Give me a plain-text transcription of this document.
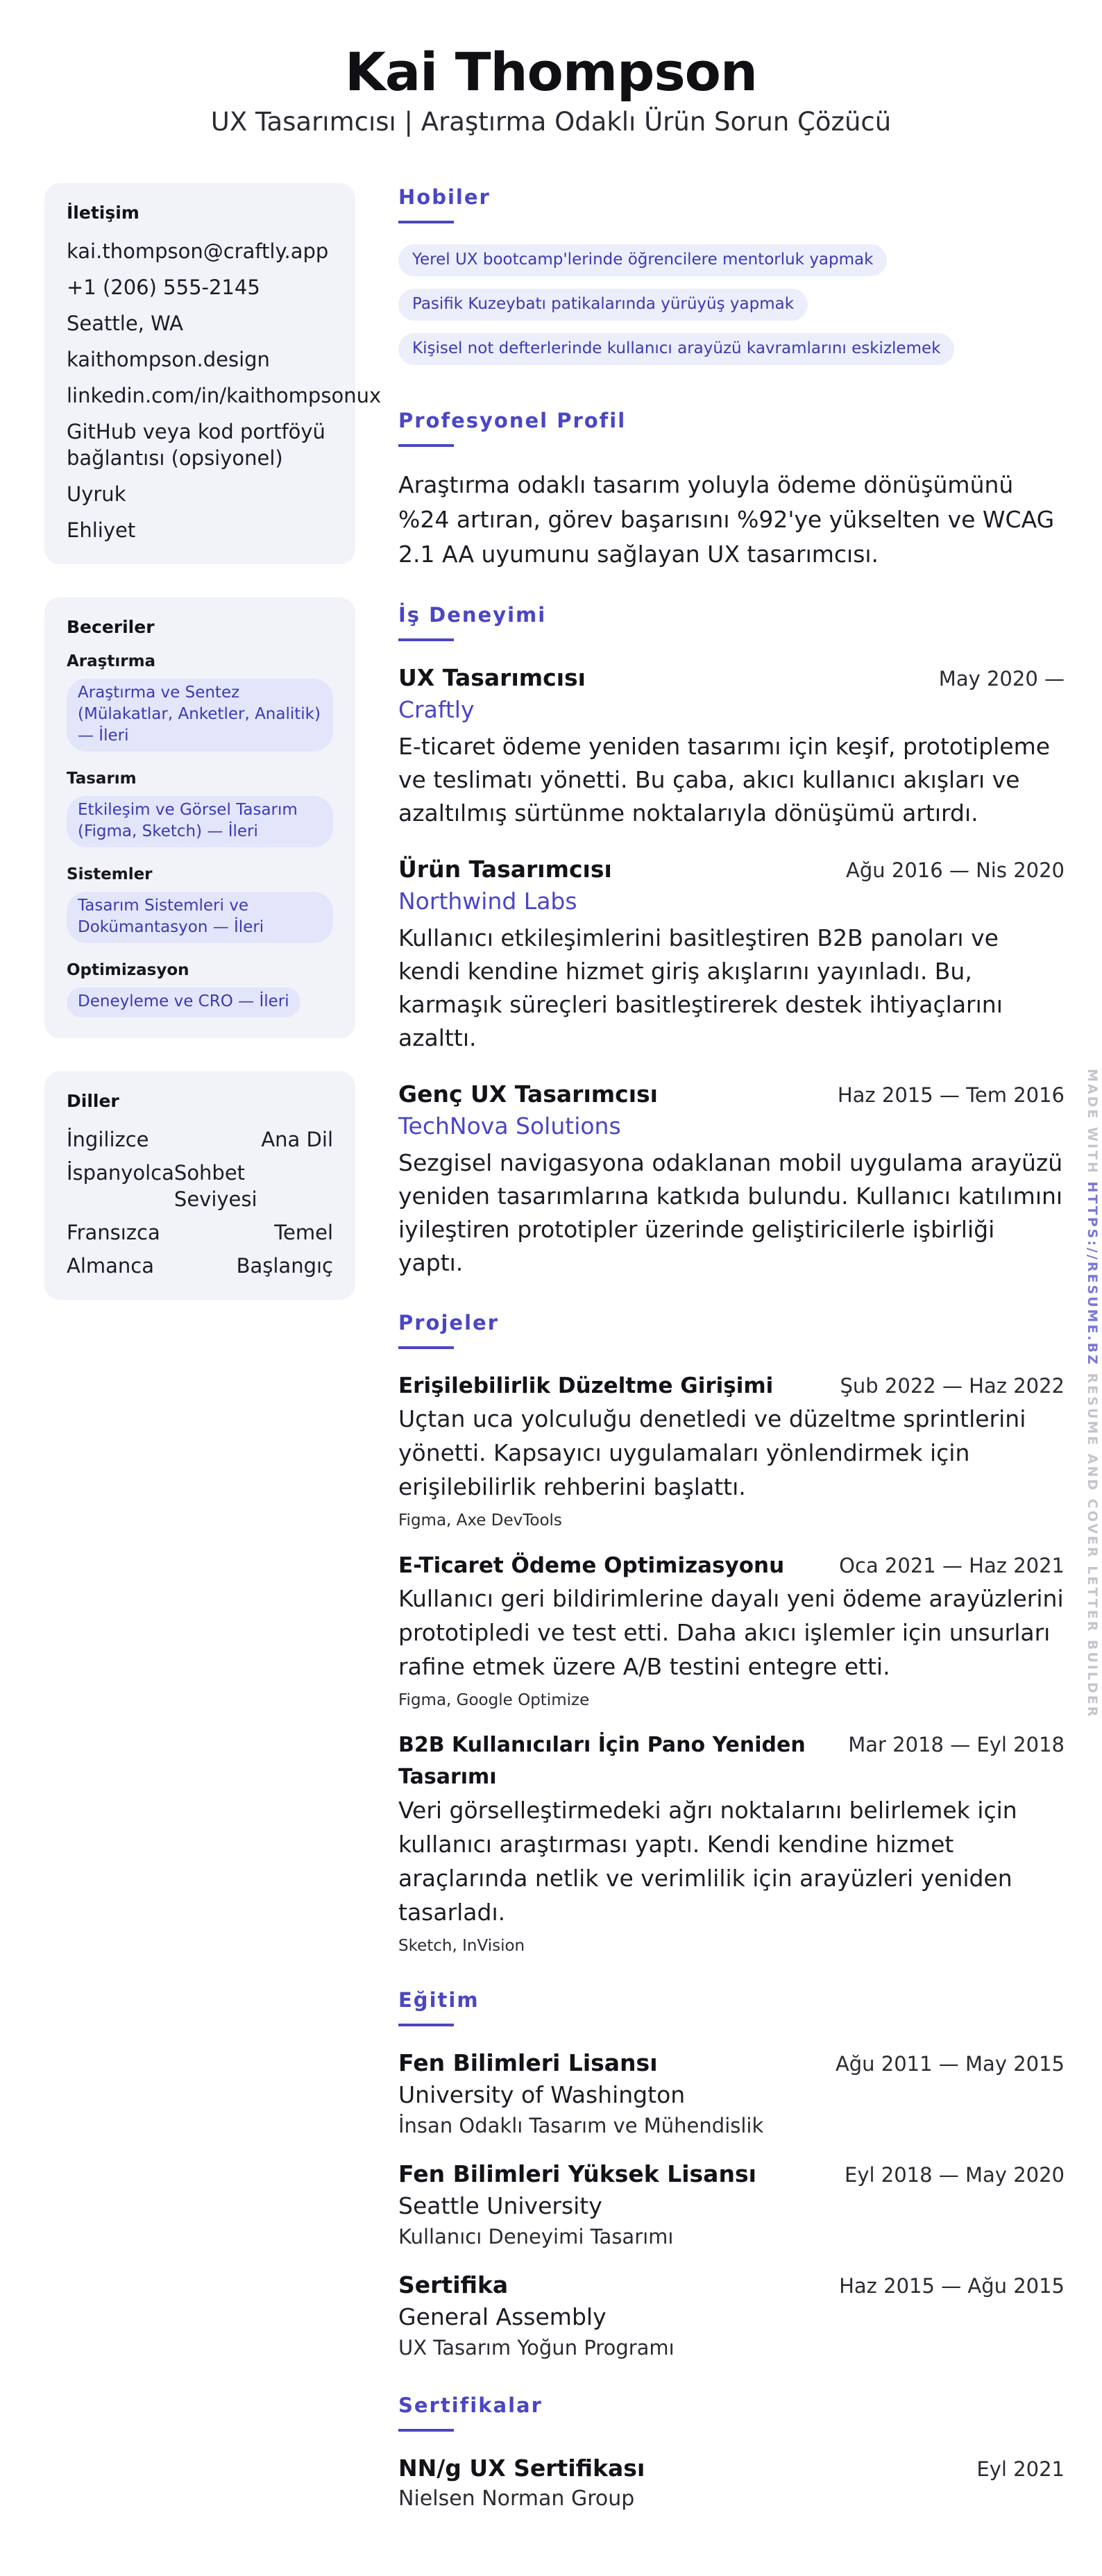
Kai Thompson
UX Tasarımcısı | Araştırma Odaklı Ürün Sorun Çözücü
İletişim
kai.thompson@craftly.app
+1 (206) 555-2145
Seattle, WA
kaithompson.design
linkedin.com/in/kaithompsonux
GitHub veya kod portföyü bağlantısı (opsiyonel)
Uyruk
Ehliyet
Beceriler
Araştırma
Araştırma ve Sentez (Mülakatlar, Anketler, Analitik) — İleri
Tasarım
Etkileşim ve Görsel Tasarım (Figma, Sketch) — İleri
Sistemler
Tasarım Sistemleri ve Dokümantasyon — İleri
Optimizasyon
Deneyleme ve CRO — İleri
Diller
İngilizce	Ana Dil
İspanyolca Sohbet Seviyesi
Fransızca	Temel
Almanca	Başlangıç
Hobiler
Yerel UX bootcamp'lerinde öğrencilere mentorluk yapmak
Pasifik Kuzeybatı patikalarında yürüyüş yapmak
Kişisel not defterlerinde kullanıcı arayüzü kavramlarını eskizlemek
Profesyonel Profil
Araştırma odaklı tasarım yoluyla ödeme dönüşümünü %24 artıran, görev başarısını %92'ye yükselten ve WCAG 2.1 AA uyumunu sağlayan UX tasarımcısı.
İş Deneyimi
UX Tasarımcısı	May 2020 —
Craftly
E-ticaret ödeme yeniden tasarımı için keşif, prototipleme ve teslimatı yönetti. Bu çaba, akıcı kullanıcı akışları ve azaltılmış sürtünme noktalarıyla dönüşümü artırdı.
Ürün Tasarımcısı	Ağu 2016 — Nis 2020
Northwind Labs
Kullanıcı etkileşimlerini basitleştiren B2B panoları ve kendi kendine hizmet giriş akışlarını yayınladı. Bu, karmaşık süreçleri basitleştirerek destek ihtiyaçlarını azalttı.
Genç UX Tasarımcısı	Haz 2015 — Tem 2016
TechNova Solutions
Sezgisel navigasyona odaklanan mobil uygulama arayüzü yeniden tasarımlarına katkıda bulundu. Kullanıcı katılımını iyileştiren prototipler üzerinde geliştiricilerle işbirliği yaptı.
Projeler
Erişilebilirlik Düzeltme Girişimi	Şub 2022 — Haz 2022
Uçtan uca yolculuğu denetledi ve düzeltme sprintlerini yönetti. Kapsayıcı uygulamaları yönlendirmek için erişilebilirlik rehberini başlattı.
Figma, Axe DevTools
E-Ticaret Ödeme Optimizasyonu	Oca 2021 — Haz 2021
Kullanıcı geri bildirimlerine dayalı yeni ödeme arayüzlerini prototipledi ve test etti. Daha akıcı işlemler için unsurları rafine etmek üzere A/B testini entegre etti.
Figma, Google Optimize
B2B Kullanıcıları İçin Pano Yeniden Tasarımı
Mar 2018 — Eyl 2018
Veri görselleştirmedeki ağrı noktalarını belirlemek için kullanıcı araştırması yaptı. Kendi kendine hizmet araçlarında netlik ve verimlilik için arayüzleri yeniden tasarladı.
Sketch, InVision
Eğitim
Fen Bilimleri Lisansı	Ağu 2011 — May 2015
University of Washington
İnsan Odaklı Tasarım ve Mühendislik
Fen Bilimleri Yüksek Lisansı	Eyl 2018 — May 2020
Seattle University
Kullanıcı Deneyimi Tasarımı
Sertifika	Haz 2015 — Ağu 2015
General Assembly
UX Tasarım Yoğun Programı
Sertifikalar
NN/g UX Sertifikası	Eyl 2021
Nielsen Norman Group
MADE WITH HTTPS://RESUME.BZ RESUME AND COVER LETTER BUILDER
